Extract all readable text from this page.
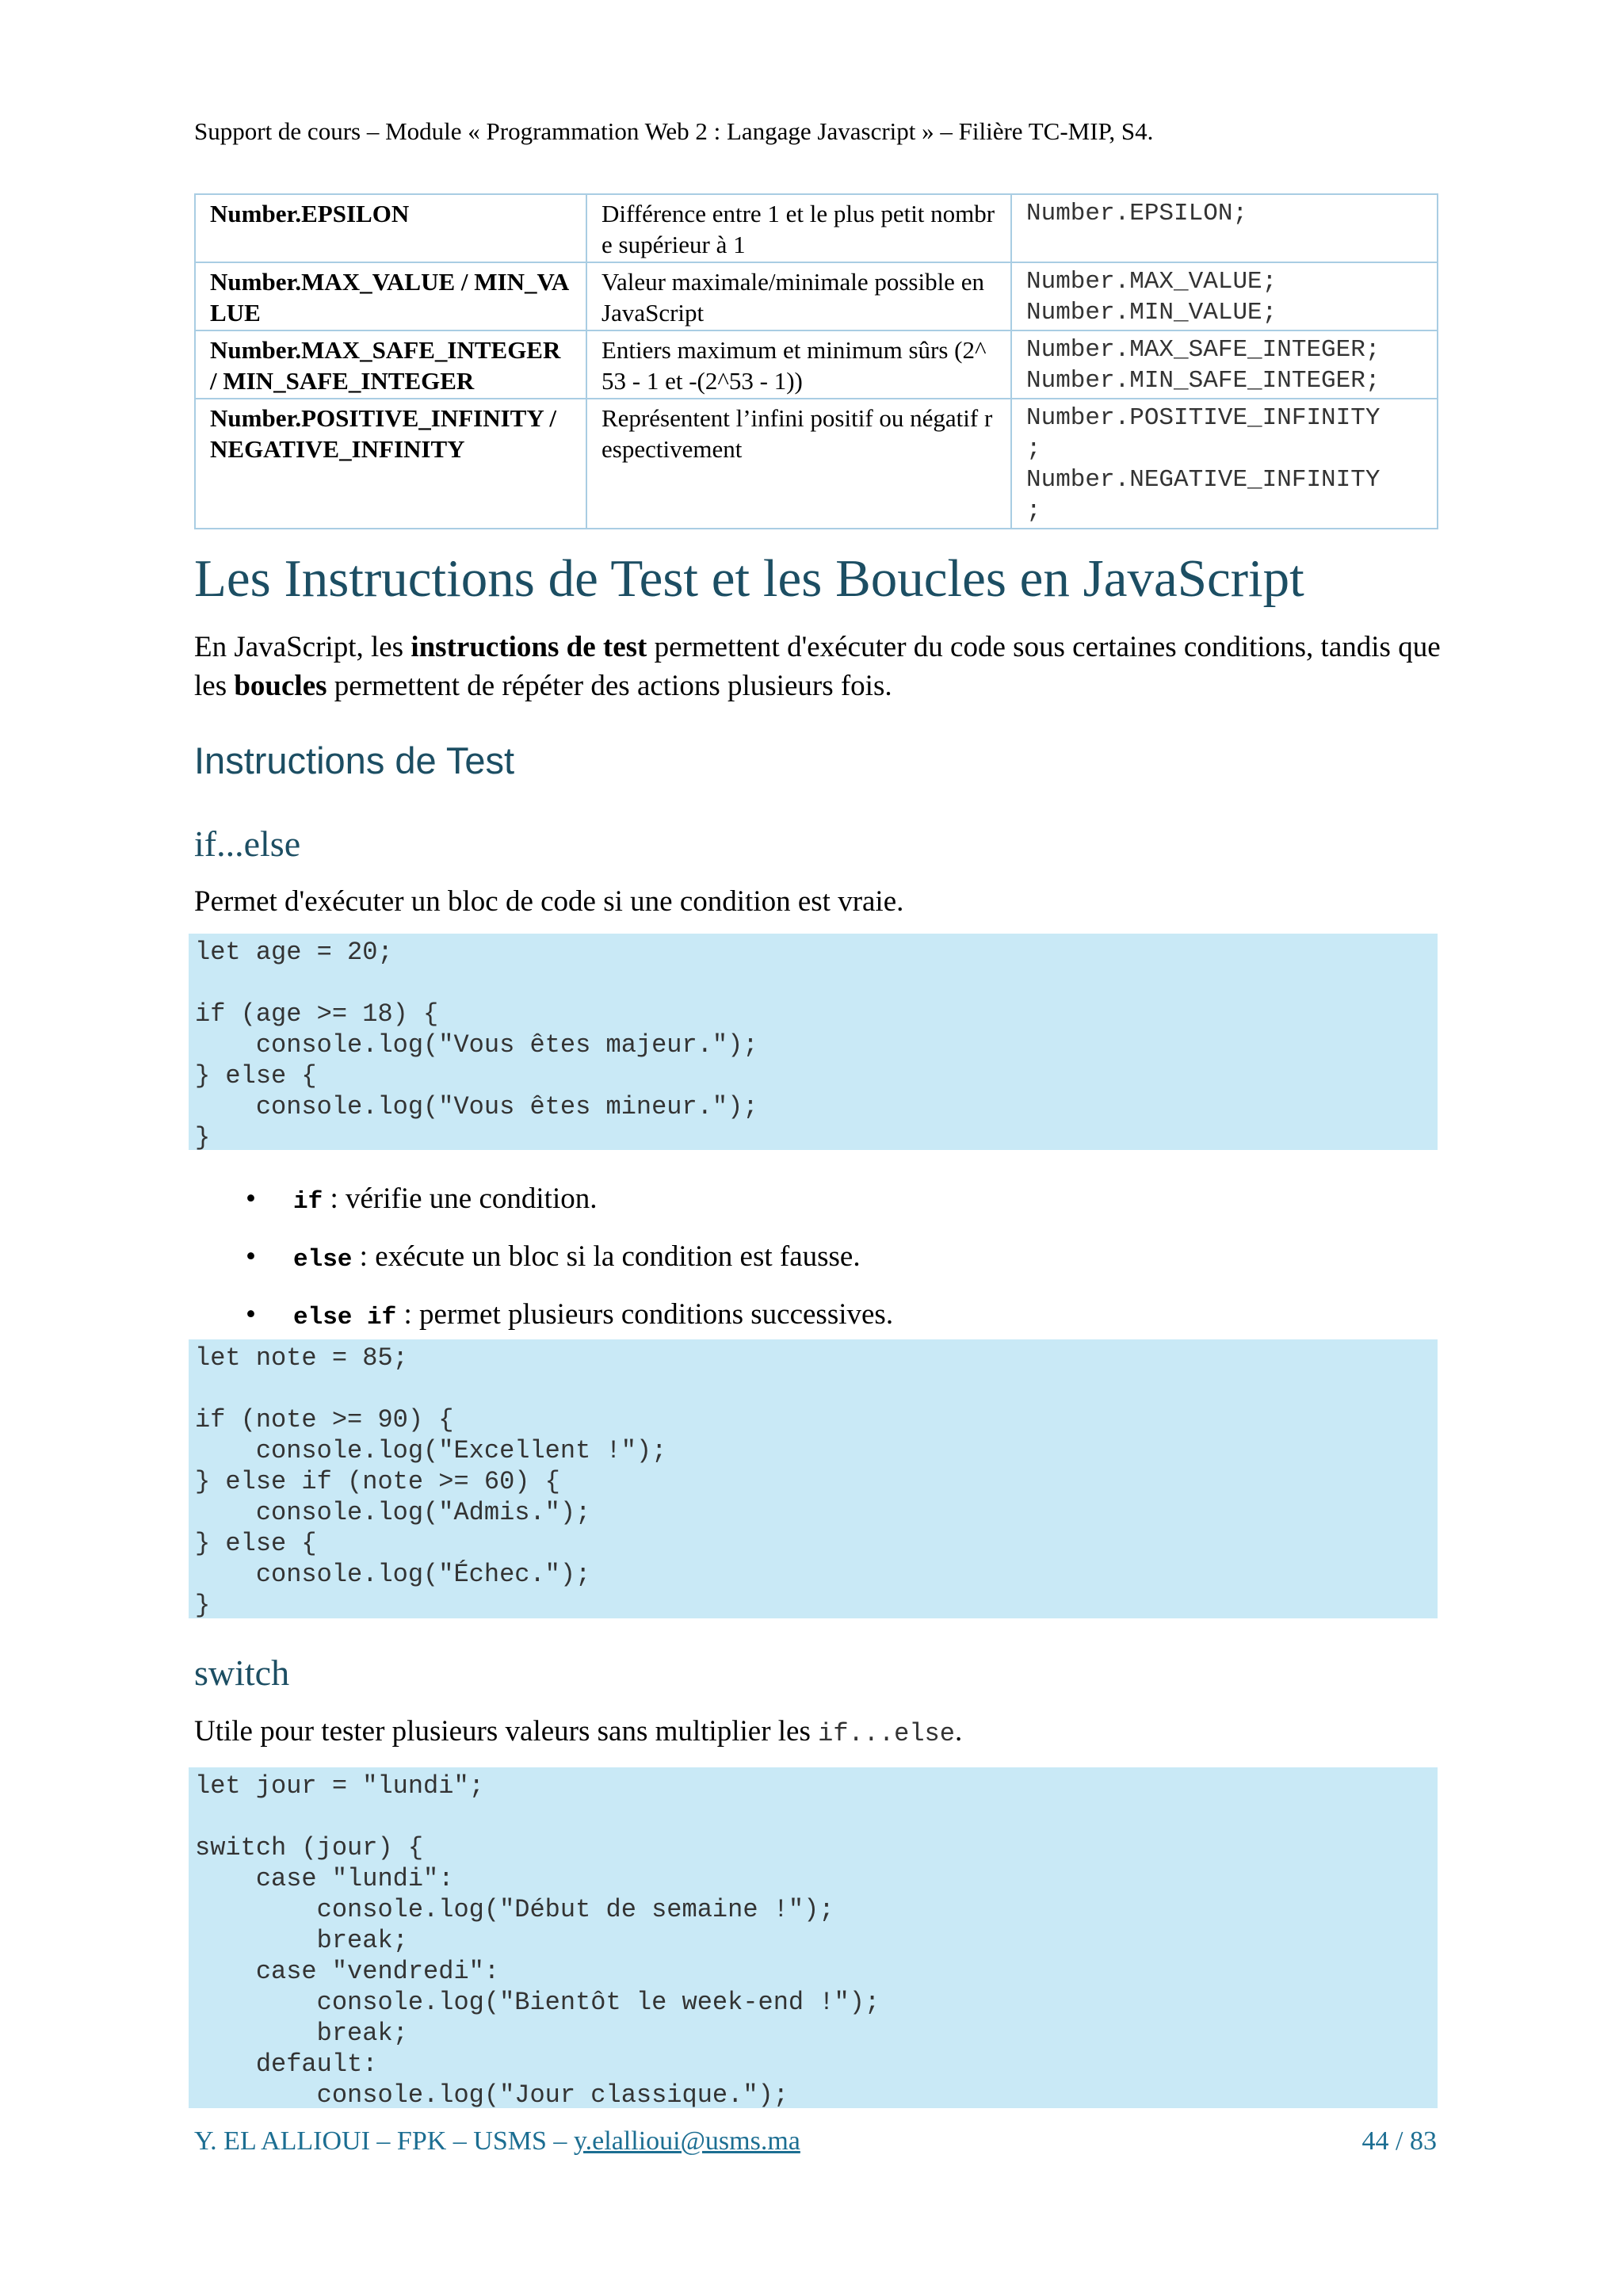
Support de cours – Module « Programmation Web 2 : Langage Javascript » – Filière TC-MIP, S4.
Number.EPSILON	Différence entre 1 et le plus petit nombre supérieur à 1	Number.EPSILON;
Number.MAX_VALUE / MIN_VALUE	Valeur maximale/minimale possible en JavaScript	Number.MAX_VALUE;
Number.MIN_VALUE;
Number.MAX_SAFE_INTEGER / MIN_SAFE_INTEGER	Entiers maximum et minimum sûrs (2^53 - 1 et -(2^53 - 1))	Number.MAX_SAFE_INTEGER;
Number.MIN_SAFE_INTEGER;
Number.POSITIVE_INFINITY / NEGATIVE_INFINITY	Représentent l’infini positif ou négatif respectivement	Number.POSITIVE_INFINITY
;
Number.NEGATIVE_INFINITY
;
Les Instructions de Test et les Boucles en JavaScript
En JavaScript, les instructions de test permettent d'exécuter du code sous certaines conditions, tandis que les boucles permettent de répéter des actions plusieurs fois.
Instructions de Test
if...else
Permet d'exécuter un bloc de code si une condition est vraie.
let age = 20;

if (age >= 18) {
console.log("Vous êtes majeur.");
} else {
console.log("Vous êtes mineur.");
}
• if : vérifie une condition.
• else : exécute un bloc si la condition est fausse.
• else if : permet plusieurs conditions successives.
let note = 85;

if (note >= 90) {
console.log("Excellent !");
} else if (note >= 60) {
console.log("Admis.");
} else {
console.log("Échec.");
}
switch
Utile pour tester plusieurs valeurs sans multiplier les if...else.
let jour = "lundi";

switch (jour) {
case "lundi":
console.log("Début de semaine !");
break;
case "vendredi":
console.log("Bientôt le week-end !");
break;
default:
console.log("Jour classique.");
Y. EL ALLIOUI – FPK – USMS – y.elallioui@usms.ma	44 / 83
